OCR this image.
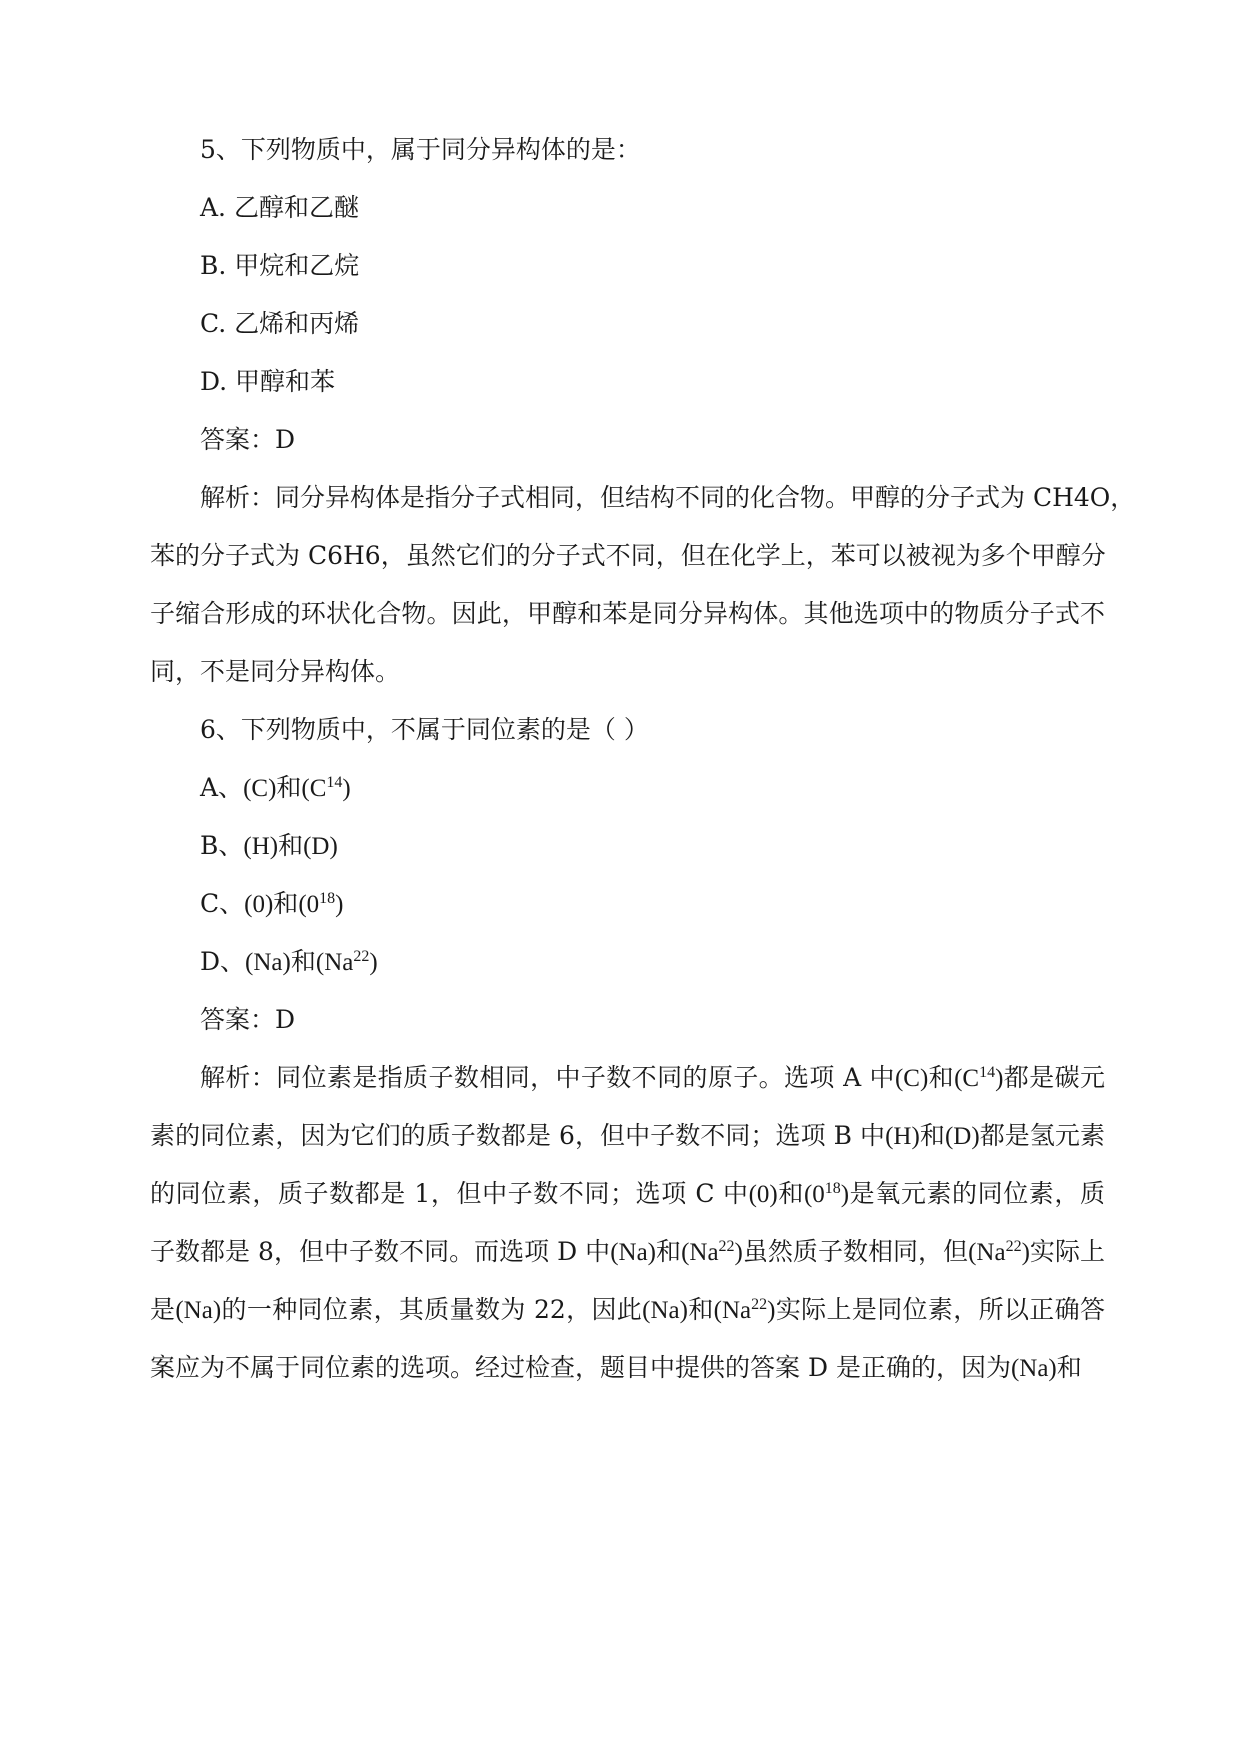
5、下列物质中，属于同分异构体的是：
A. 乙醇和乙醚
B. 甲烷和乙烷
C. 乙烯和丙烯
D. 甲醇和苯
答案：D
解析：同分异构体是指分子式相同，但结构不同的化合物。甲醇的分子式为 CH4O，
苯的分子式为 C6H6，虽然它们的分子式不同，但在化学上，苯可以被视为多个甲醇分
子缩合形成的环状化合物。因此，甲醇和苯是同分异构体。其他选项中的物质分子式不
同，不是同分异构体。
6、下列物质中，不属于同位素的是（ ）
A、(C)和$(C^{14})$
B、(H)和(D)
C、(0)和$(0^{18})$
D、(Na)和(Na$^{22}$)
答案：D
解析：同位素是指质子数相同，中子数不同的原子。选项 A 中(C)和$(C^{14})$都是碳元
素的同位素，因为它们的质子数都是 6，但中子数不同；选项 B 中(H)和(D)都是氢元素
的同位素，质子数都是 1，但中子数不同；选项 C 中(0)和$(0^{18})$是氧元素的同位素，质
子数都是 8，但中子数不同。而选项 D 中(Na)和(Na$^{22}$)虽然质子数相同，但(Na$^{22}$)实际上
是(Na)的一种同位素，其质量数为 22，因此(Na)和(Na$^{22}$)实际上是同位素，所以正确答
案应为不属于同位素的选项。经过检查，题目中提供的答案 D 是正确的，因为(Na)和
